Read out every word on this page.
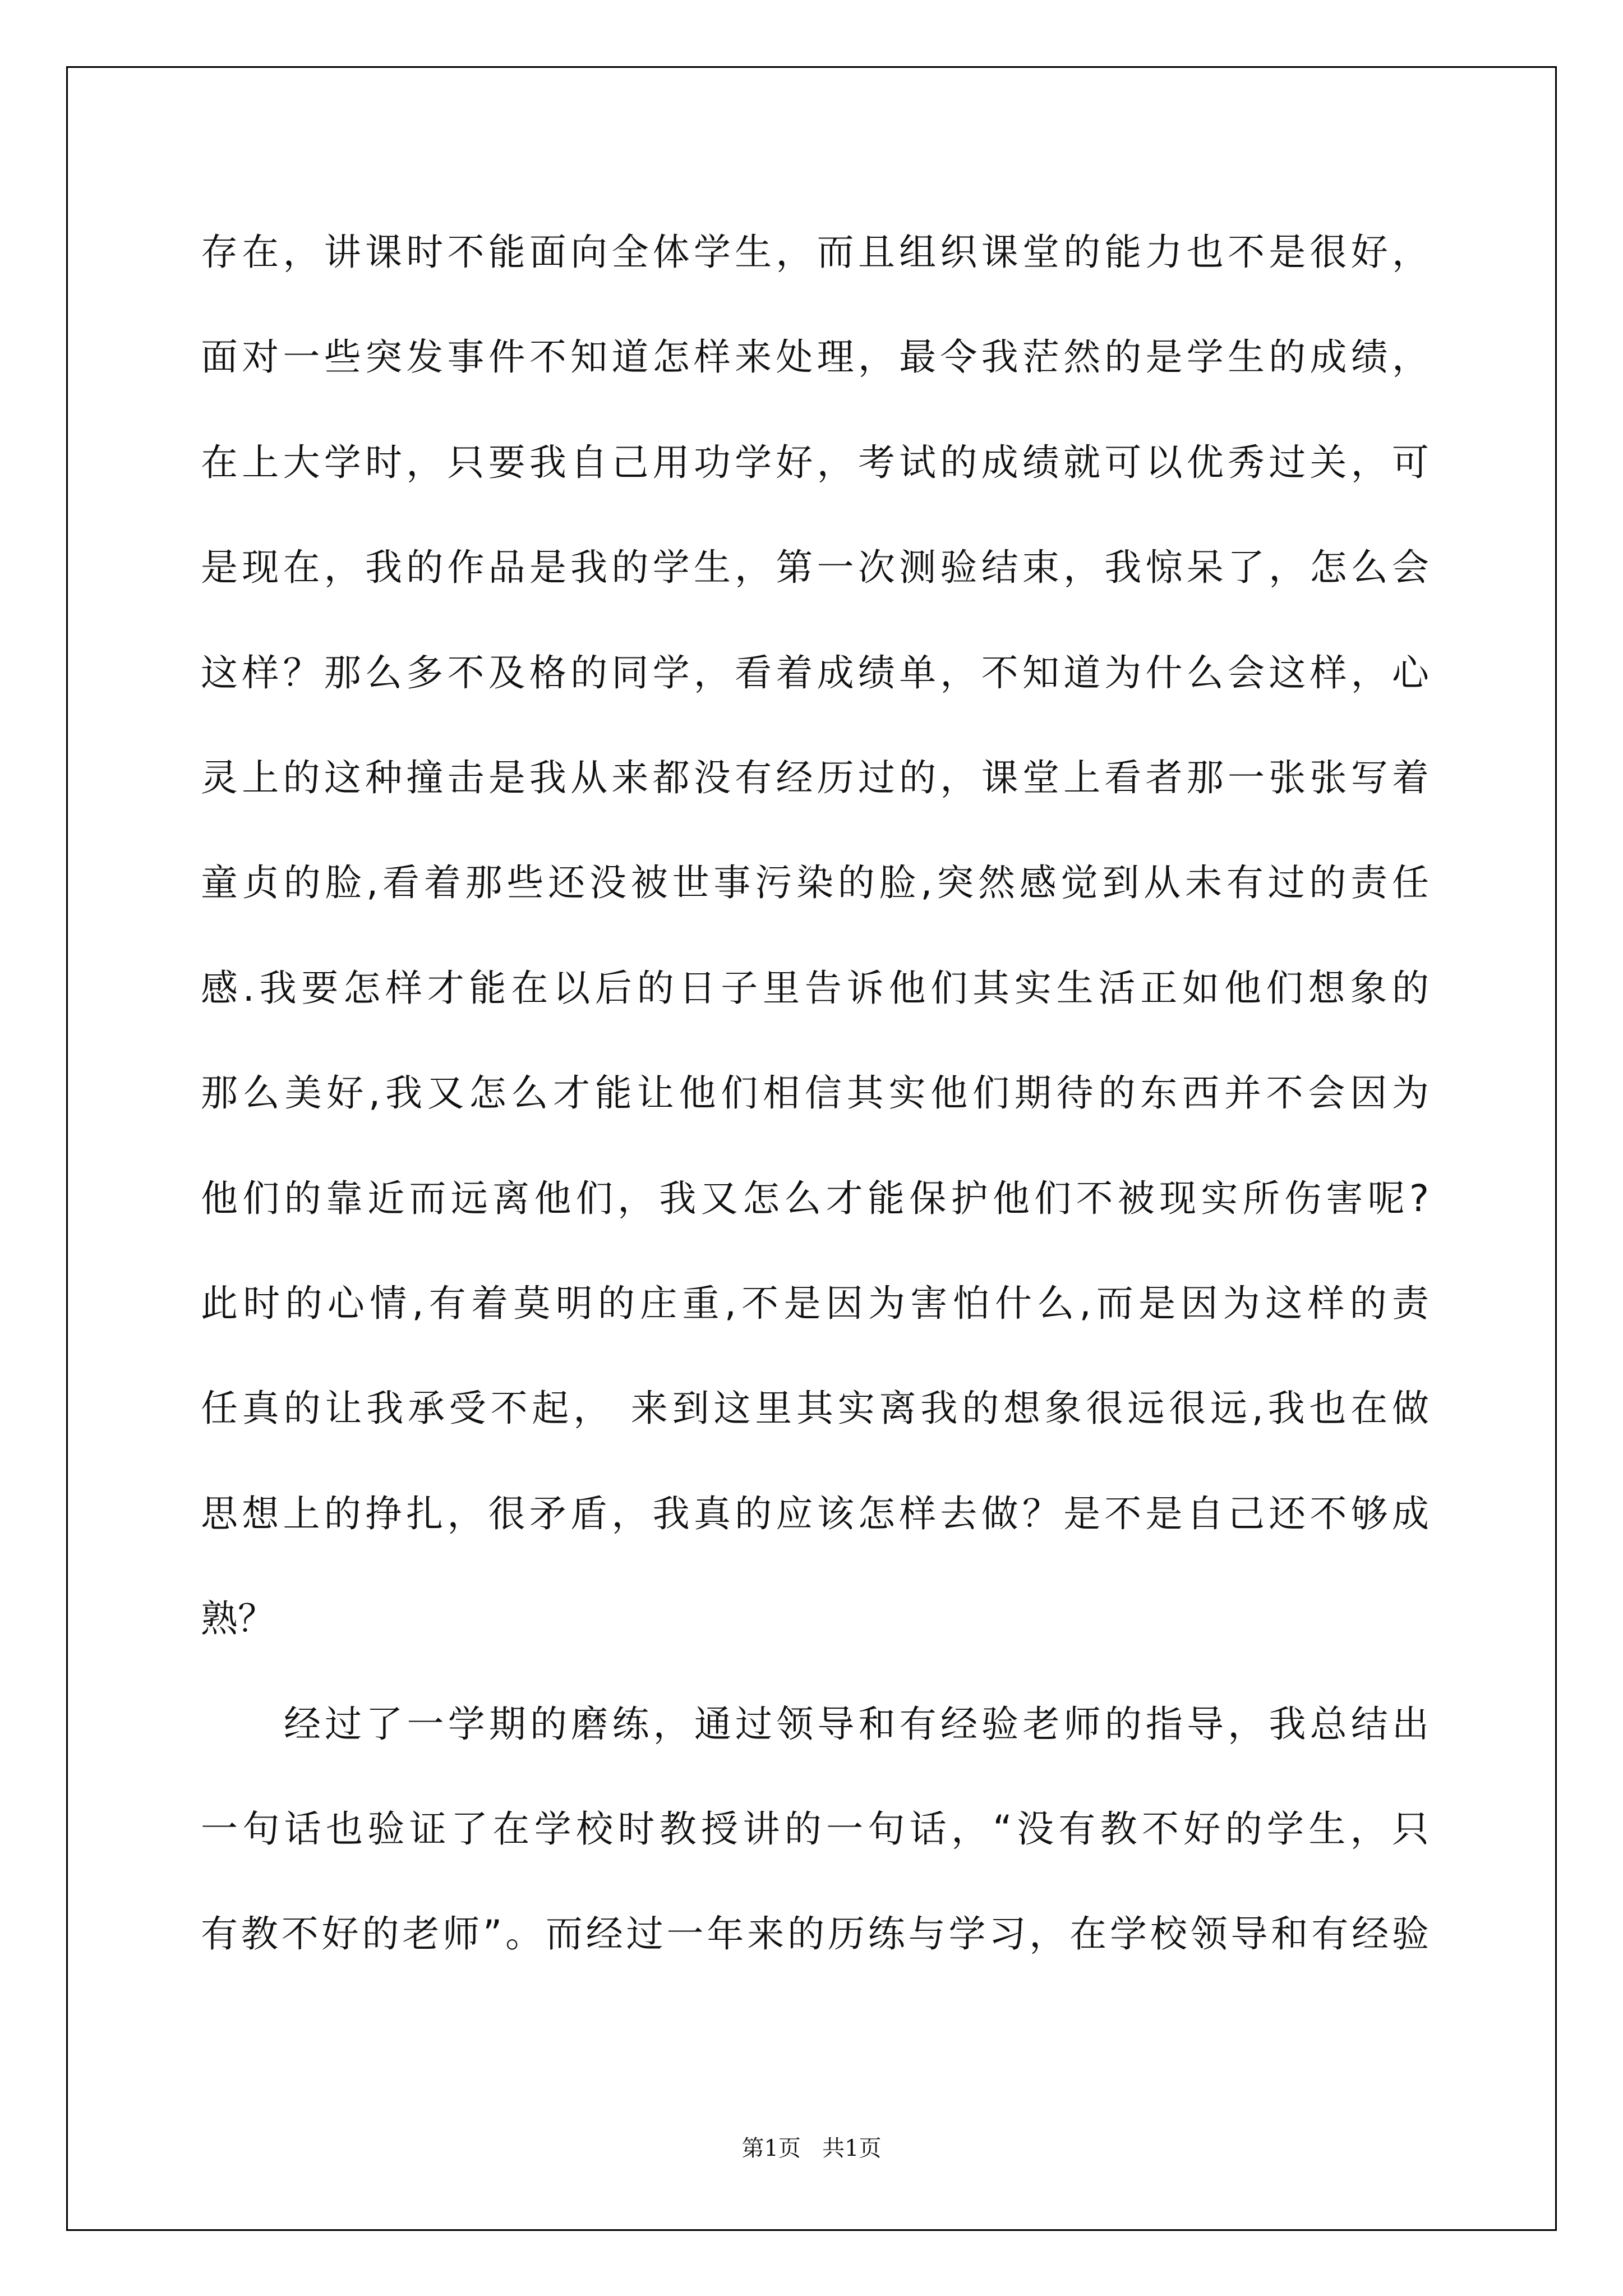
存在，讲课时不能面向全体学生，而且组织课堂的能力也不是很好，

面对一些突发事件不知道怎样来处理，最令我茫然的是学生的成绩，

在上大学时，只要我自己用功学好，考试的成绩就可以优秀过关，可

是现在，我的作品是我的学生，第一次测验结束，我惊呆了，怎么会

这样？那么多不及格的同学，看着成绩单，不知道为什么会这样，心

灵上的这种撞击是我从来都没有经历过的，课堂上看者那一张张写着

童贞的脸,看着那些还没被世事污染的脸,突然感觉到从未有过的责任

感.我要怎样才能在以后的日子里告诉他们其实生活正如他们想象的

那么美好,我又怎么才能让他们相信其实他们期待的东西并不会因为

他们的靠近而远离他们，我又怎么才能保护他们不被现实所伤害呢?

此时的心情,有着莫明的庄重,不是因为害怕什么,而是因为这样的责

任真的让我承受不起， 来到这里其实离我的想象很远很远,我也在做

思想上的挣扎，很矛盾，我真的应该怎样去做？是不是自己还不够成

熟？

经过了一学期的磨练，通过领导和有经验老师的指导，我总结出

一句话也验证了在学校时教授讲的一句话，“没有教不好的学生，只

有教不好的老师”。而经过一年来的历练与学习，在学校领导和有经验

第1页   共1页
